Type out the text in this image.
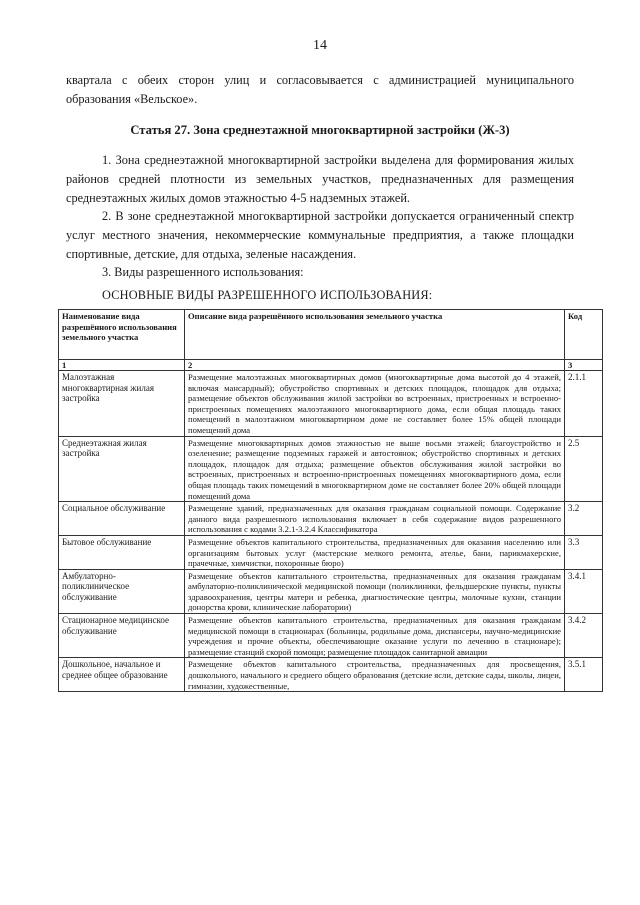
14
квартала с обеих сторон улиц и согласовывается с администрацией муниципального образования «Вельское».
Статья 27. Зона среднеэтажной многоквартирной застройки (Ж-3)
1. Зона среднеэтажной многоквартирной застройки выделена для формирования жилых районов средней плотности из земельных участков, предназначенных для размещения среднеэтажных жилых домов этажностью 4-5 надземных этажей.
2. В зоне среднеэтажной многоквартирной застройки допускается ограниченный спектр услуг местного значения, некоммерческие коммунальные предприятия, а также площадки спортивные, детские, для отдыха, зеленые насаждения.
3. Виды разрешенного использования:
ОСНОВНЫЕ ВИДЫ РАЗРЕШЕННОГО ИСПОЛЬЗОВАНИЯ:
Наименование вида разрешённого использования земельного участка	Описание вида разрешённого использования земельного участка	Код
1	2	3
Малоэтажная многоквартирная жилая застройка	Размещение малоэтажных многоквартирных домов (многоквартирные дома высотой до 4 этажей, включая мансардный); обустройство спортивных и детских площадок, площадок для отдыха; размещение объектов обслуживания жилой застройки во встроенных, пристроенных и встроенно-пристроенных помещениях малоэтажного многоквартирного дома, если общая площадь таких помещений в малоэтажном многоквартирном доме не составляет более 15% общей площади помещений дома	2.1.1
Среднеэтажная жилая застройка	Размещение многоквартирных домов этажностью не выше восьми этажей; благоустройство и озеленение; размещение подземных гаражей и автостоянок; обустройство спортивных и детских площадок, площадок для отдыха; размещение объектов обслуживания жилой застройки во встроенных, пристроенных и встроенно-пристроенных помещениях многоквартирного дома, если общая площадь таких помещений в многоквартирном доме не составляет более 20% общей площади помещений дома	2.5
Социальное обслуживание	Размещение зданий, предназначенных для оказания гражданам социальной помощи. Содержание данного вида разрешенного использования включает в себя содержание видов разрешенного использования с кодами 3.2.1-3.2.4 Классификатора	3.2
Бытовое обслуживание	Размещение объектов капитального строительства, предназначенных для оказания населению или организациям бытовых услуг (мастерские мелкого ремонта, ателье, бани, парикмахерские, прачечные, химчистки, похоронные бюро)	3.3
Амбулаторно-поликлиническое обслуживание	Размещение объектов капитального строительства, предназначенных для оказания гражданам амбулаторно-поликлинической медицинской помощи (поликлиники, фельдшерские пункты, пункты здравоохранения, центры матери и ребенка, диагностические центры, молочные кухни, станции донорства крови, клинические лаборатории)	3.4.1
Стационарное медицинское обслуживание	Размещение объектов капитального строительства, предназначенных для оказания гражданам медицинской помощи в стационарах (больницы, родильные дома, диспансеры, научно-медицинские учреждения и прочие объекты, обеспечивающие оказание услуги по лечению в стационаре); размещение станций скорой помощи; размещение площадок санитарной авиации	3.4.2
Дошкольное, начальное и среднее общее образование	Размещение объектов капитального строительства, предназначенных для просвещения, дошкольного, начального и среднего общего образования (детские ясли, детские сады, школы, лицеи, гимназии, художественные,	3.5.1
